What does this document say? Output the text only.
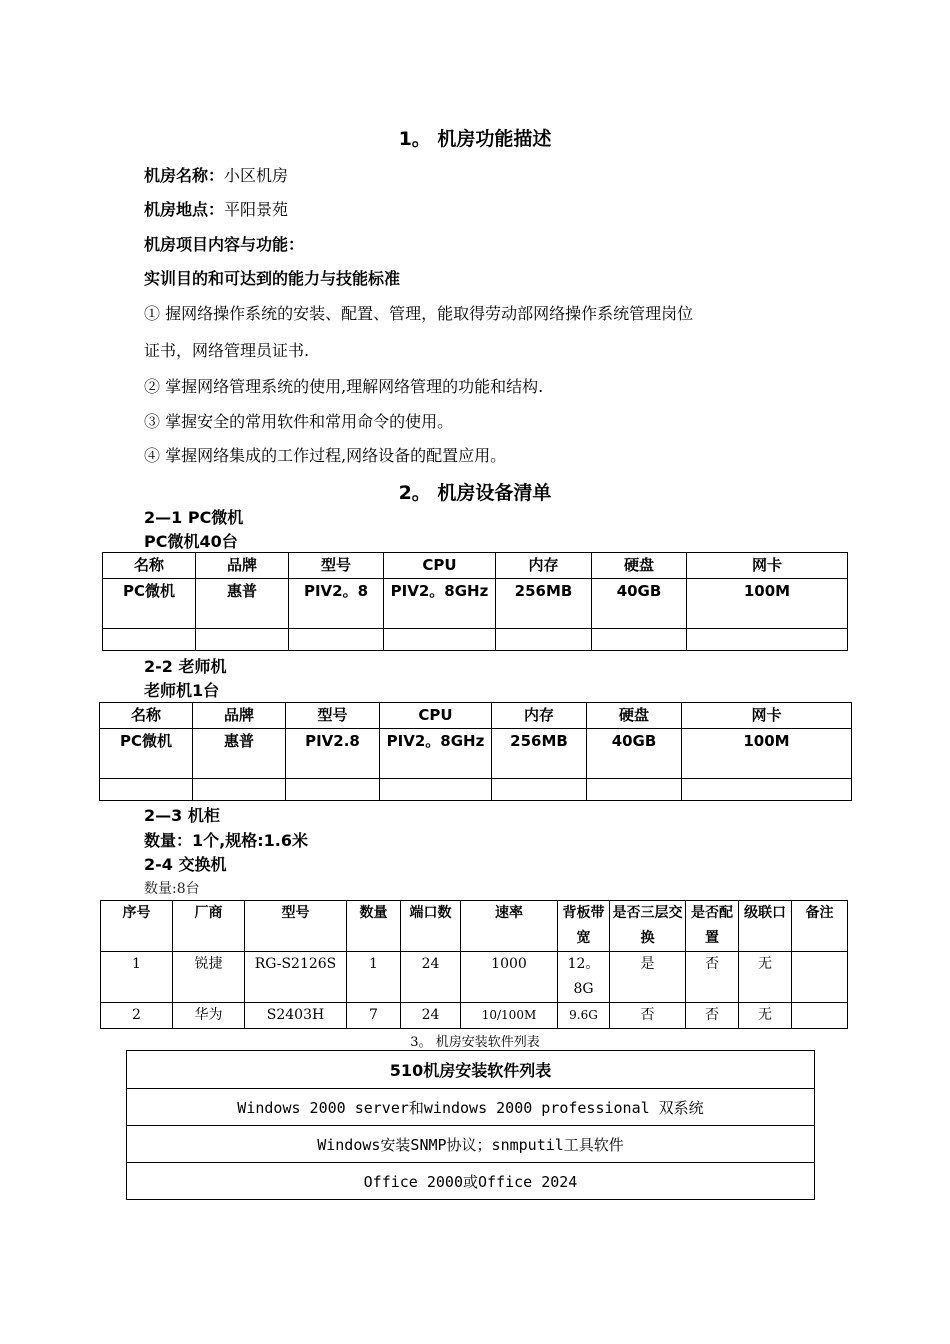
1。 机房功能描述
机房名称：小区机房
机房地点：平阳景苑
机房项目内容与功能：
实训目的和可达到的能力与技能标准
① 握网络操作系统的安装、配置、管理，能取得劳动部网络操作系统管理岗位
证书，网络管理员证书.
② 掌握网络管理系统的使用,理解网络管理的功能和结构.
③ 掌握安全的常用软件和常用命令的使用。
④ 掌握网络集成的工作过程,网络设备的配置应用。
2。 机房设备清单
2—1 PC微机
PC微机40台
名称	品牌	型号	CPU	内存	硬盘	网卡
PC微机	惠普	PIV2。8	PIV2。8GHz	256MB	40GB	100M

2-2 老师机
老师机1台
名称	品牌	型号	CPU	内存	硬盘	网卡
PC微机	惠普	PIV2.8	PIV2。8GHz	256MB	40GB	100M

2—3 机柜
数量：1个,规格:1.6米
2-4 交换机
数量:8台
序号	厂商	型号	数量	端口数	速率	背板带宽	是否三层交换	是否配置	级联口	备注
1	锐捷	RG-S2126S	1	24	1000	12。8G	是	否	无	
2	华为	S2403H	7	24	10/100M	9.6G	否	否	无	
3。 机房安装软件列表
510机房安装软件列表
Windows 2000 server和windows 2000 professional 双系统
Windows安装SNMP协议；snmputil工具软件
Office 2000或Office 2024
